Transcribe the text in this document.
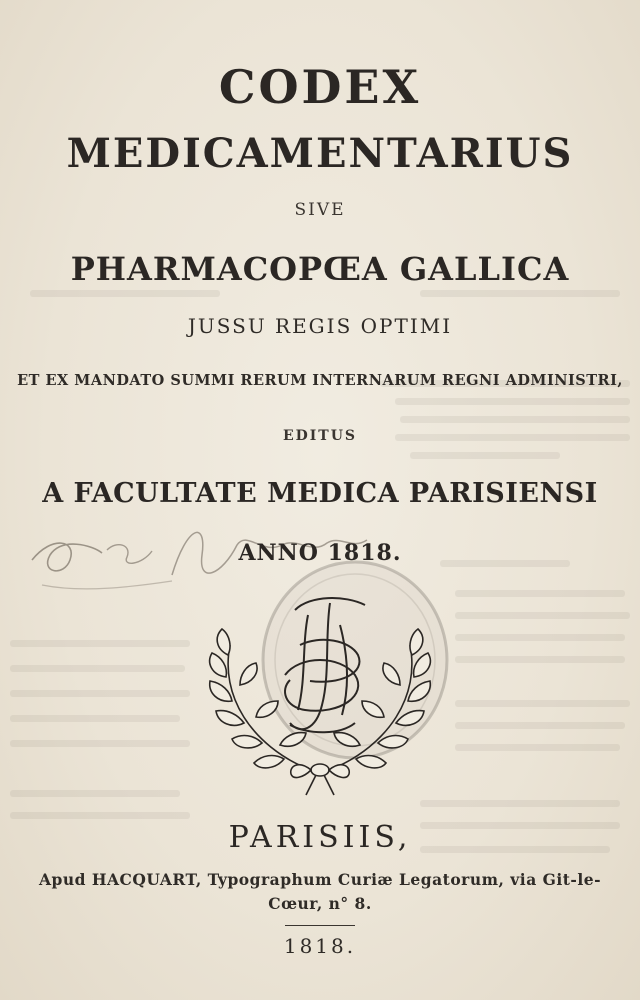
CODEX
MEDICAMENTARIUS
SIVE
PHARMACOPŒA GALLICA
JUSSU REGIS OPTIMI
ET EX MANDATO SUMMI RERUM INTERNARUM REGNI ADMINISTRI,
EDITUS
A FACULTATE MEDICA PARISIENSI
ANNO 1818.
PARISIIS,
Apud HACQUART, Typographum Curiæ Legatorum, via Git-le-
Cœur, n° 8.
1818.
